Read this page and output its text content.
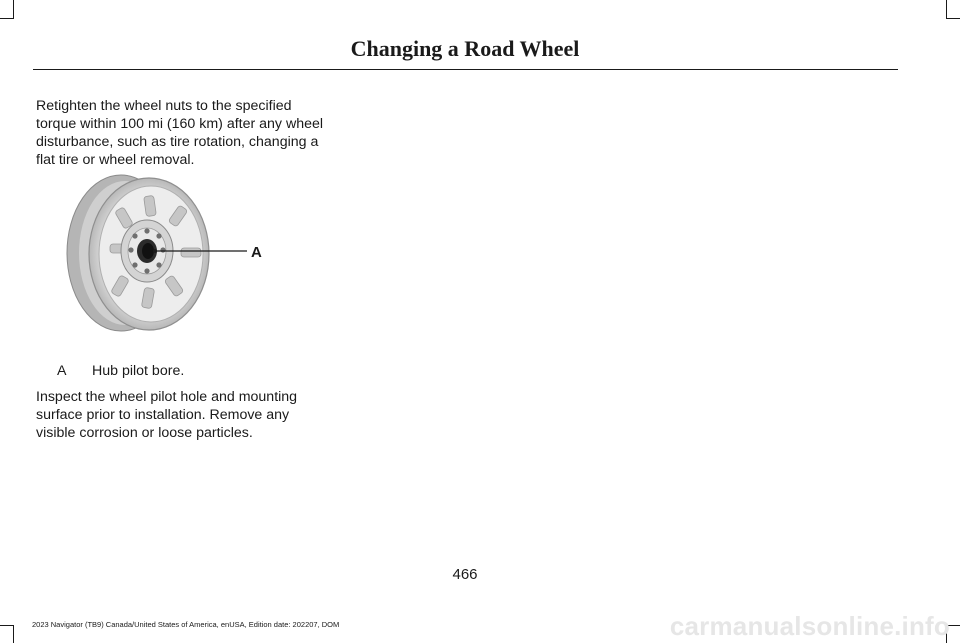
Changing a Road Wheel

Retighten the wheel nuts to the specified torque within 100 mi (160 km) after any wheel disturbance, such as tire rotation, changing a flat tire or wheel removal.

A
A Hub pilot bore.

Inspect the wheel pilot hole and mounting surface prior to installation. Remove any visible corrosion or loose particles.

466
2023 Navigator (TB9) Canada/United States of America, enUSA, Edition date: 202207, DOM	carmanualsonline.info
